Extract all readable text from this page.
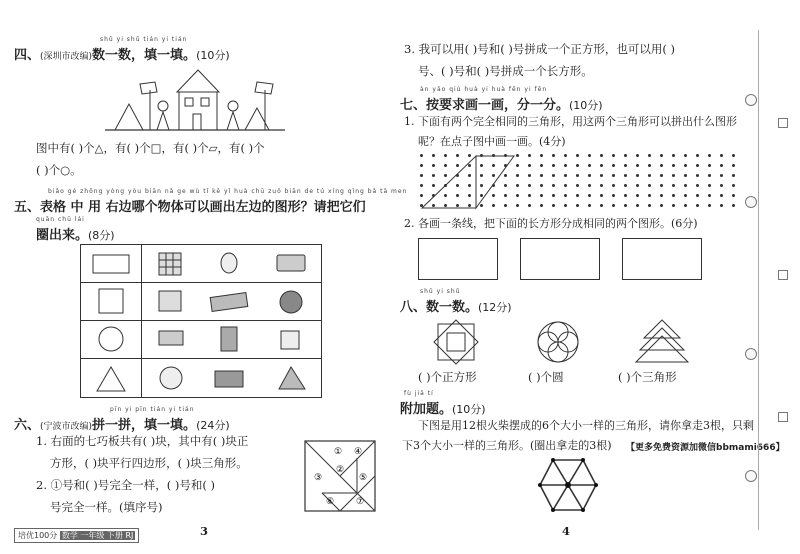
shǔ yi shǔ tián yi tián
四、(深圳市改编)数一数，填一填。(10分)
图中有( )个△，有( )个□，有( )个▱，有( )个
( )个○。
biǎo gé zhōng yòng yòu biān nǎ ge wù tǐ kě yǐ huà chū zuǒ biān de tú xíng qǐng bǎ tā men
五、表格 中 用 右边哪个物体可以画出左边的图形？请把它们
quān chū lái
圈出来。(8分)
pīn yi pīn tián yi tián
六、(宁波市改编)拼一拼，填一填。(24分)
1. 右面的七巧板共有( )块，其中有( )块正
方形，( )块平行四边形，( )块三角形。
2. ①号和( )号完全一样，( )号和( )
号完全一样。(填序号)
①
②
③
④
⑤
⑥ ⑦
培优100分 数学 一年级 下册 RJ	3
3. 我可以用( )号和( )号拼成一个正方形，也可以用( )
号、( )号和( )号拼成一个长方形。
àn yāo qiú huà yi huà fēn yi fēn
七、按要求画一画，分一分。(10分)
1. 下面有两个完全相同的三角形，用这两个三角形可以拼出什么图形
呢？在点子图中画一画。(4分)
2. 各画一条线，把下面的长方形分成相同的两个图形。(6分)
shǔ yi shǔ
八、数一数。(12分)
( )个正方形	( )个圆	( )个三角形
fù jiā tí
附加题。(10分)
下图是用12根火柴摆成的6个大小一样的三角形，请你拿走3根，只剩
下3个大小一样的三角形。(圈出拿走的3根) 【更多免费资源加微信bbmami666】
4
